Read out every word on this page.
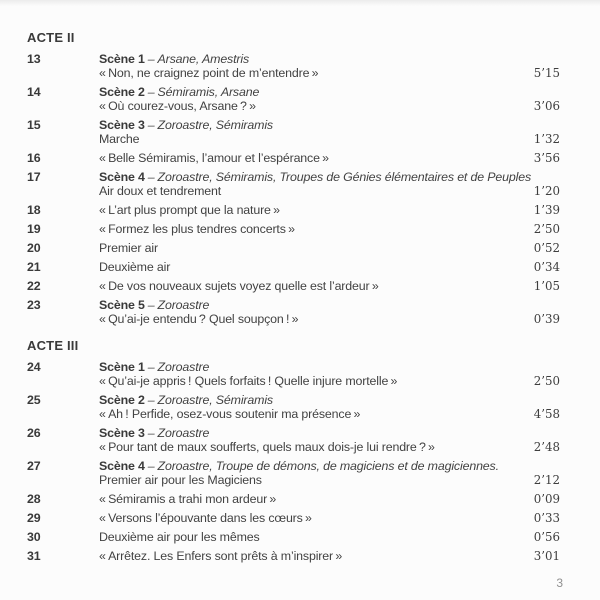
ACTE II
13	Scène 1 – Arsane, Amestris
« Non, ne craignez point de m’entendre »	5’15
14	Scène 2 – Sémiramis, Arsane
« Où courez-vous, Arsane ? »	3’06
15	Scène 3 – Zoroastre, Sémiramis
Marche	1’32
16	« Belle Sémiramis, l’amour et l’espérance »	3’56
17	Scène 4 – Zoroastre, Sémiramis, Troupes de Génies élémentaires et de Peuples
Air doux et tendrement	1’20
18	« L’art plus prompt que la nature »	1’39
19	« Formez les plus tendres concerts »	2’50
20	Premier air	0’52
21	Deuxième air	0’34
22	« De vos nouveaux sujets voyez quelle est l’ardeur »	1’05
23	Scène 5 – Zoroastre
« Qu’ai-je entendu ? Quel soupçon ! »	0’39
ACTE III
24	Scène 1 – Zoroastre
« Qu’ai-je appris ! Quels forfaits ! Quelle injure mortelle »	2’50
25	Scène 2 – Zoroastre, Sémiramis
« Ah ! Perfide, osez-vous soutenir ma présence »	4’58
26	Scène 3 – Zoroastre
« Pour tant de maux soufferts, quels maux dois-je lui rendre ? »	2’48
27	Scène 4 – Zoroastre, Troupe de démons, de magiciens et de magiciennes.
Premier air pour les Magiciens	2’12
28	« Sémiramis a trahi mon ardeur »	0’09
29	« Versons l’épouvante dans les cœurs »	0’33
30	Deuxième air pour les mêmes	0’56
31	« Arrêtez. Les Enfers sont prêts à m’inspirer »	3’01
3
